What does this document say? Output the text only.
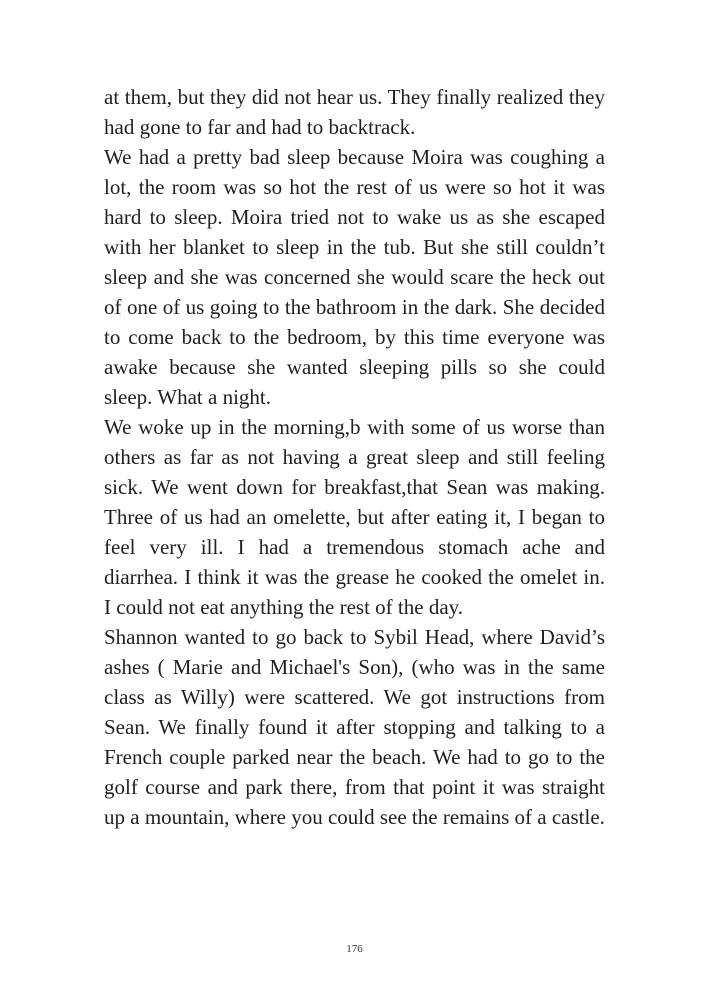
at them, but they did not hear us. They finally realized they had gone to far and had to backtrack.

We had a pretty bad sleep because Moira was coughing a lot, the room was so hot the rest of us were so hot it was hard to sleep. Moira tried not to wake us as she escaped with her blanket to sleep in the tub. But she still couldn’t sleep and she was concerned she would scare the heck out of one of us going to the bathroom in the dark. She decided to come back to the bedroom, by this time everyone was awake because she wanted sleeping pills so she could sleep. What a night.

We woke up in the morning,b with some of us worse than others as far as not having a great sleep and still feeling sick. We went down for breakfast,that Sean was making. Three of us had an omelette, but after eating it, I began to feel very ill. I had a tremendous stomach ache and diarrhea. I think it was the grease he cooked the omelet in. I could not eat anything the rest of the day.

Shannon wanted to go back to Sybil Head, where David’s ashes ( Marie and Michael's Son), (who was in the same class as Willy) were scattered. We got instructions from Sean. We finally found it after stopping and talking to a French couple parked near the beach. We had to go to the golf course and park there, from that point it was straight up a mountain, where you could see the remains of a castle.

176
